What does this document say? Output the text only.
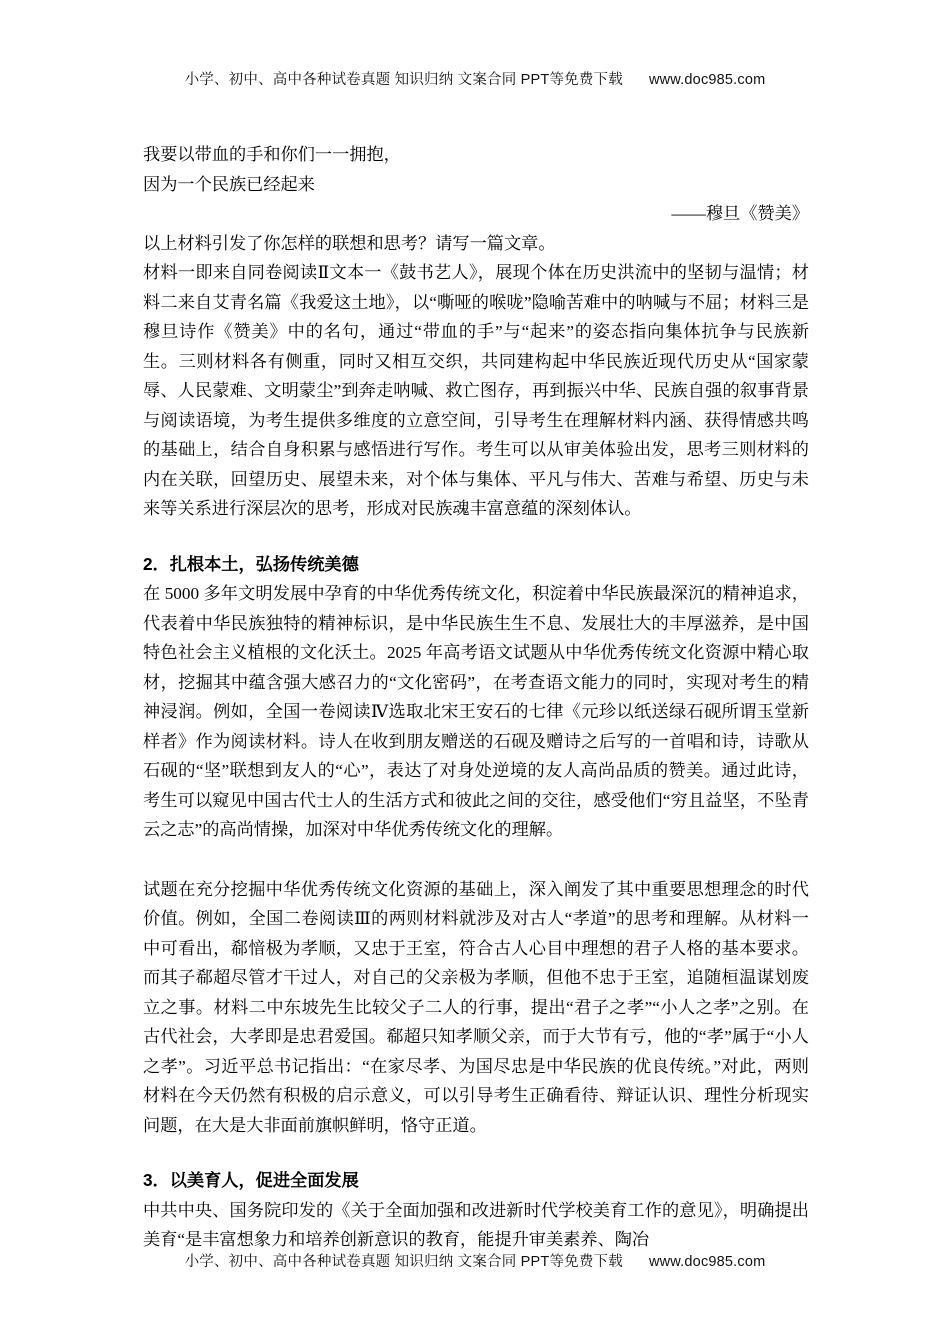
小学、初中、高中各种试卷真题 知识归纳 文案合同 PPT等免费下载 www.doc985.com
我要以带血的手和你们一一拥抱，
因为一个民族已经起来
——穆旦《赞美》
以上材料引发了你怎样的联想和思考？请写一篇文章。

材料一即来自同卷阅读Ⅱ文本一《鼓书艺人》，展现个体在历史洪流中的坚韧与温情；材料二来自艾青名篇《我爱这土地》，以“嘶哑的喉咙”隐喻苦难中的呐喊与不屈；材料三是穆旦诗作《赞美》中的名句，通过“带血的手”与“起来”的姿态指向集体抗争与民族新生。三则材料各有侧重，同时又相互交织，共同建构起中华民族近现代历史从“国家蒙辱、人民蒙难、文明蒙尘”到奔走呐喊、救亡图存，再到振兴中华、民族自强的叙事背景与阅读语境，为考生提供多维度的立意空间，引导考生在理解材料内涵、获得情感共鸣的基础上，结合自身积累与感悟进行写作。考生可以从审美体验出发，思考三则材料的内在关联，回望历史、展望未来，对个体与集体、平凡与伟大、苦难与希望、历史与未来等关系进行深层次的思考，形成对民族魂丰富意蕴的深刻体认。

2．扎根本土，弘扬传统美德

在 5000 多年文明发展中孕育的中华优秀传统文化，积淀着中华民族最深沉的精神追求，代表着中华民族独特的精神标识，是中华民族生生不息、发展壮大的丰厚滋养，是中国特色社会主义植根的文化沃土。2025 年高考语文试题从中华优秀传统文化资源中精心取材，挖掘其中蕴含强大感召力的“文化密码”，在考查语文能力的同时，实现对考生的精神浸润。例如，全国一卷阅读Ⅳ选取北宋王安石的七律《元珍以纸送绿石砚所谓玉堂新样者》作为阅读材料。诗人在收到朋友赠送的石砚及赠诗之后写的一首唱和诗，诗歌从石砚的“坚”联想到友人的“心”，表达了对身处逆境的友人高尚品质的赞美。通过此诗，考生可以窥见中国古代士人的生活方式和彼此之间的交往，感受他们“穷且益坚，不坠青云之志”的高尚情操，加深对中华优秀传统文化的理解。

试题在充分挖掘中华优秀传统文化资源的基础上，深入阐发了其中重要思想理念的时代价值。例如，全国二卷阅读Ⅲ的两则材料就涉及对古人“孝道”的思考和理解。从材料一中可看出，郗愔极为孝顺，又忠于王室，符合古人心目中理想的君子人格的基本要求。而其子郗超尽管才干过人，对自己的父亲极为孝顺，但他不忠于王室，追随桓温谋划废立之事。材料二中东坡先生比较父子二人的行事，提出“君子之孝”“小人之孝”之别。在古代社会，大孝即是忠君爱国。郗超只知孝顺父亲，而于大节有亏，他的“孝”属于“小人之孝”。习近平总书记指出：“在家尽孝、为国尽忠是中华民族的优良传统。”对此，两则材料在今天仍然有积极的启示意义，可以引导考生正确看待、辩证认识、理性分析现实问题，在大是大非面前旗帜鲜明，恪守正道。

3．以美育人，促进全面发展

中共中央、国务院印发的《关于全面加强和改进新时代学校美育工作的意见》，明确提出美育“是丰富想象力和培养创新意识的教育，能提升审美素养、陶冶

小学、初中、高中各种试卷真题 知识归纳 文案合同 PPT等免费下载 www.doc985.com
